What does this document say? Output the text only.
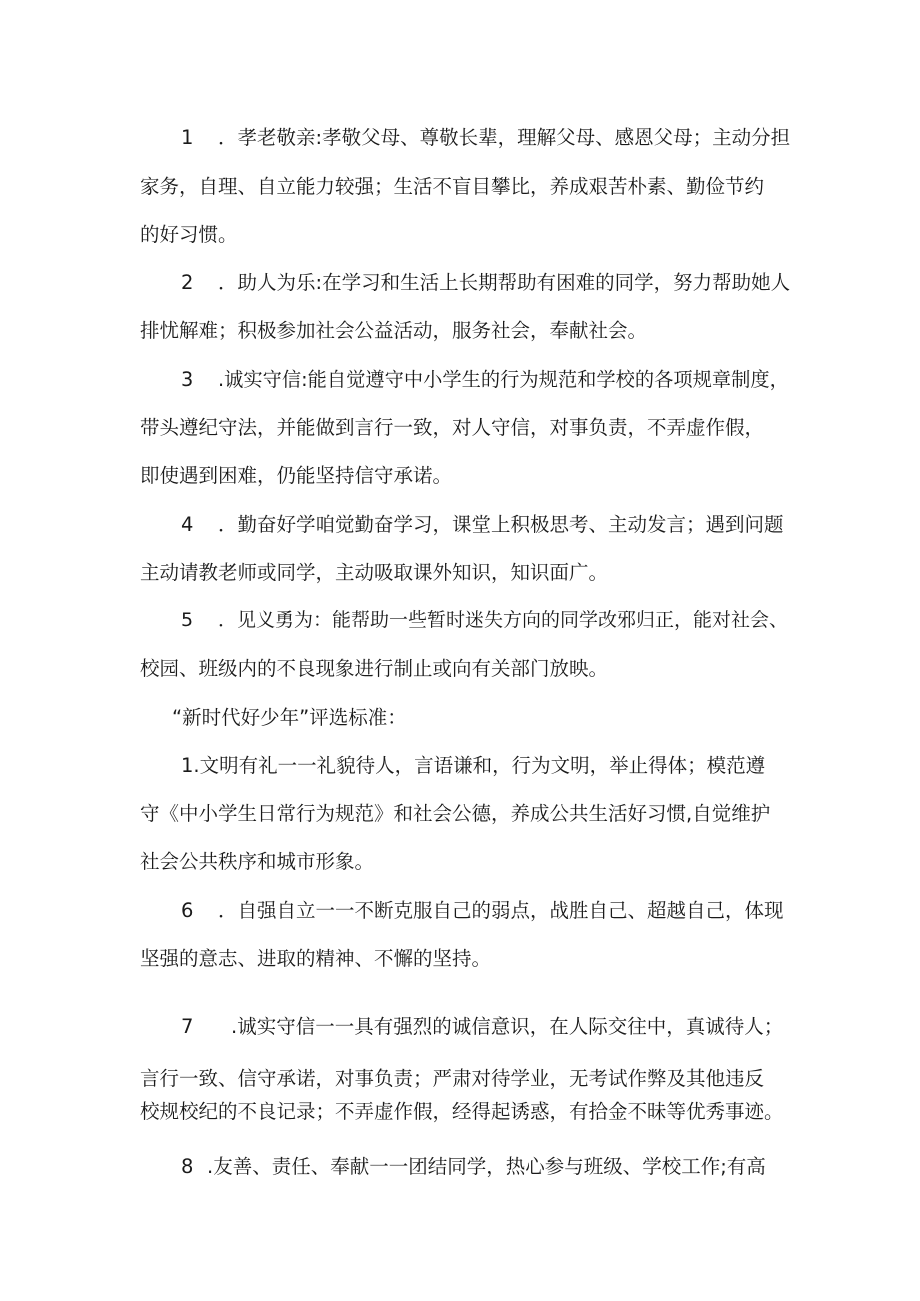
1 ．孝老敬亲:孝敬父母、尊敬长辈，理解父母、感恩父母；主动分担
家务，自理、自立能力较强；生活不盲目攀比，养成艰苦朴素、勤俭节约
的好习惯。
2 ．助人为乐:在学习和生活上长期帮助有困难的同学，努力帮助她人
排忧解难；积极参加社会公益活动，服务社会，奉献社会。
3 .诚实守信:能自觉遵守中小学生的行为规范和学校的各项规章制度，
带头遵纪守法，并能做到言行一致，对人守信，对事负责，不弄虚作假，
即使遇到困难，仍能坚持信守承诺。
4 ．勤奋好学咱觉勤奋学习，课堂上积极思考、主动发言；遇到问题
主动请教老师或同学，主动吸取课外知识，知识面广。
5 ．见义勇为：能帮助一些暂时迷失方向的同学改邪归正，能对社会、
校园、班级内的不良现象进行制止或向有关部门放映。
“新时代好少年”评选标准：
1.文明有礼一一礼貌待人，言语谦和，行为文明，举止得体；模范遵
守《中小学生日常行为规范》和社会公德，养成公共生活好习惯,自觉维护
社会公共秩序和城市形象。
6 ．自强自立一一不断克服自己的弱点，战胜自己、超越自己，体现
坚强的意志、进取的精神、不懈的坚持。
7 .诚实守信一一具有强烈的诚信意识，在人际交往中，真诚待人；
言行一致、信守承诺，对事负责；严肃对待学业，无考试作弊及其他违反
校规校纪的不良记录；不弄虚作假，经得起诱惑，有拾金不昧等优秀事迹。
8 .友善、责任、奉献一一团结同学，热心参与班级、学校工作;有高
